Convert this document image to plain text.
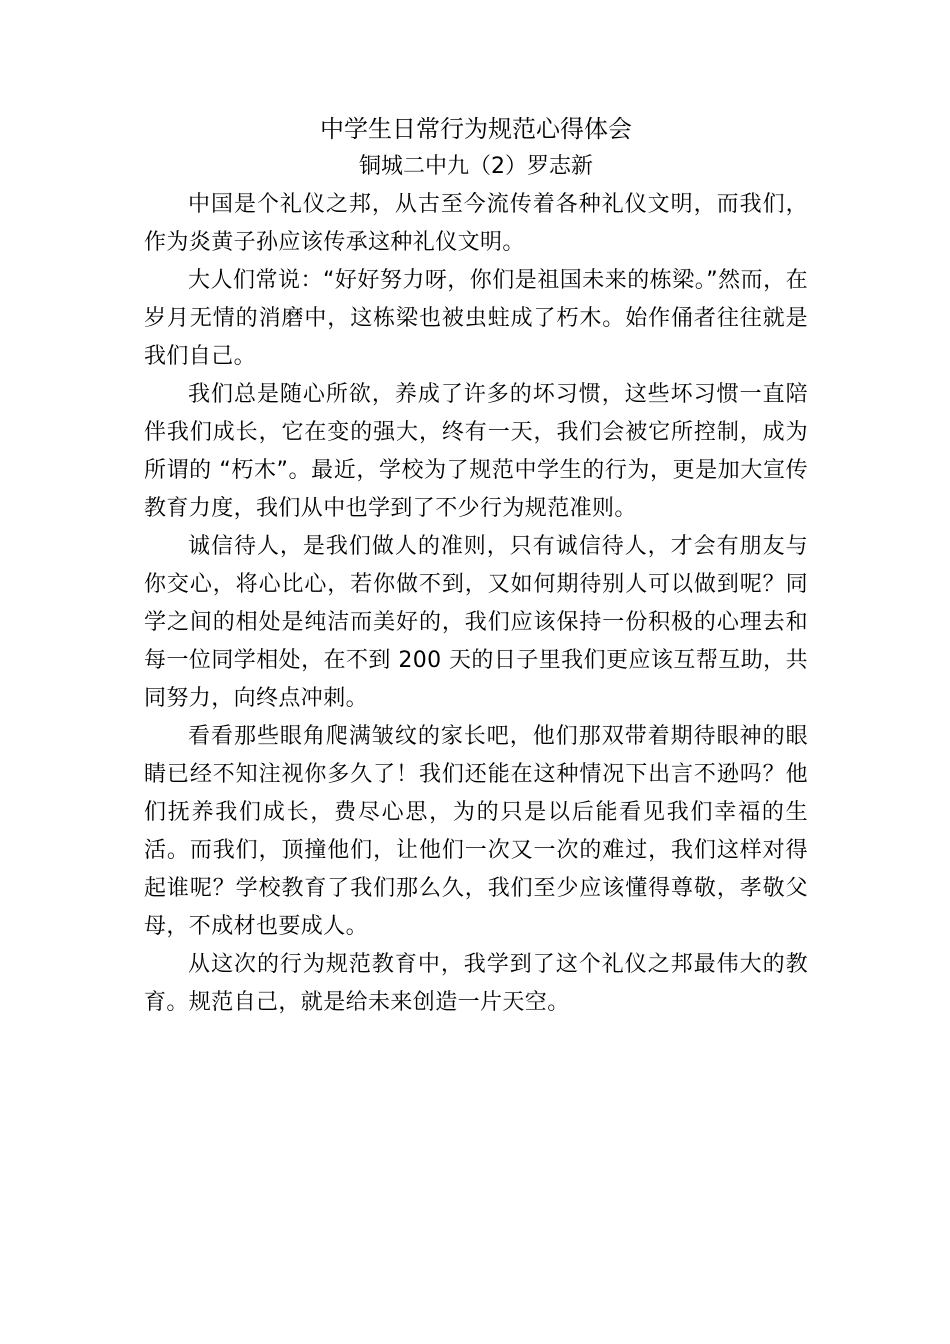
中学生日常行为规范心得体会
铜城二中九（2）罗志新

中国是个礼仪之邦，从古至今流传着各种礼仪文明，而我们，作为炎黄子孙应该传承这种礼仪文明。

大人们常说：“好好努力呀，你们是祖国未来的栋梁。”然而，在岁月无情的消磨中，这栋梁也被虫蛀成了朽木。始作俑者往往就是我们自己。

我们总是随心所欲，养成了许多的坏习惯，这些坏习惯一直陪伴我们成长，它在变的强大，终有一天，我们会被它所控制，成为所谓的 “朽木”。最近，学校为了规范中学生的行为，更是加大宣传教育力度，我们从中也学到了不少行为规范准则。

诚信待人，是我们做人的准则，只有诚信待人，才会有朋友与你交心，将心比心，若你做不到，又如何期待别人可以做到呢？同学之间的相处是纯洁而美好的，我们应该保持一份积极的心理去和每一位同学相处，在不到 200 天的日子里我们更应该互帮互助，共同努力，向终点冲刺。

看看那些眼角爬满皱纹的家长吧，他们那双带着期待眼神的眼睛已经不知注视你多久了！我们还能在这种情况下出言不逊吗？他们抚养我们成长，费尽心思，为的只是以后能看见我们幸福的生活。而我们，顶撞他们，让他们一次又一次的难过，我们这样对得起谁呢？学校教育了我们那么久，我们至少应该懂得尊敬，孝敬父母，不成材也要成人。

从这次的行为规范教育中，我学到了这个礼仪之邦最伟大的教育。规范自己，就是给未来创造一片天空。
